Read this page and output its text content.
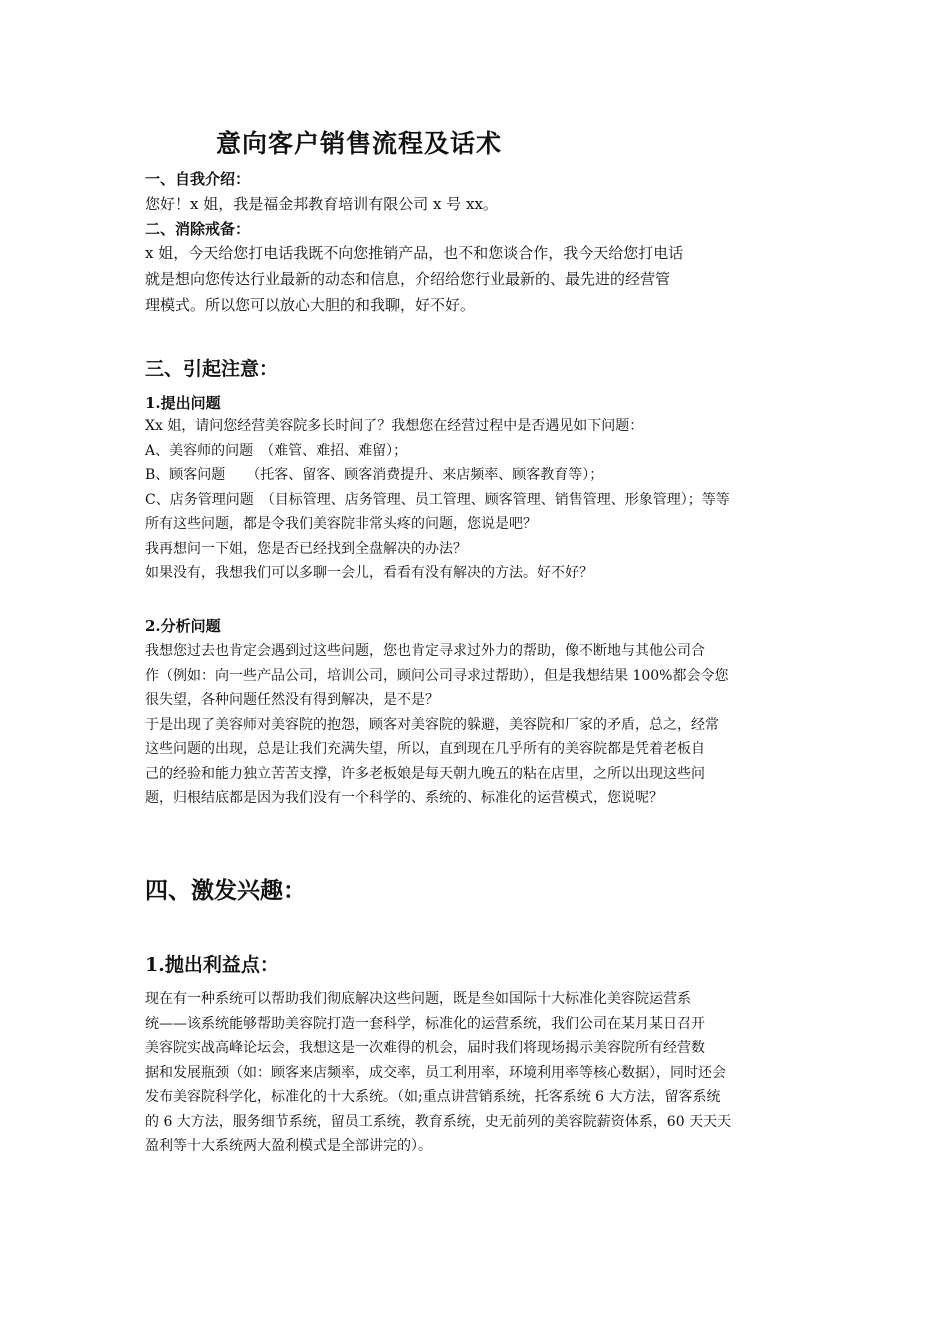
意向客户销售流程及话术
一、自我介绍：
您好！x 姐，我是福金邦教育培训有限公司 x 号 xx。
二、消除戒备：
x 姐，今天给您打电话我既不向您推销产品，也不和您谈合作，我今天给您打电话
就是想向您传达行业最新的动态和信息，介绍给您行业最新的、最先进的经营管
理模式。所以您可以放心大胆的和我聊，好不好。
三、引起注意：
1.提出问题
Xx 姐，请问您经营美容院多长时间了？我想您在经营过程中是否遇见如下问题：
A、美容师的问题　（难管、难招、难留）；
B、顾客问题　　（托客、留客、顾客消费提升、来店频率、顾客教育等）；
C、店务管理问题　（目标管理、店务管理、员工管理、顾客管理、销售管理、形象管理）；等等
所有这些问题，都是令我们美容院非常头疼的问题，您说是吧？
我再想问一下姐，您是否已经找到全盘解决的办法？
如果没有，我想我们可以多聊一会儿，看看有没有解决的方法。好不好？
2.分析问题
我想您过去也肯定会遇到过这些问题，您也肯定寻求过外力的帮助，像不断地与其他公司合
作（例如：向一些产品公司，培训公司，顾问公司寻求过帮助），但是我想结果 100%都会令您
很失望，各种问题任然没有得到解决，是不是？
于是出现了美容师对美容院的抱怨，顾客对美容院的躲避，美容院和厂家的矛盾，总之，经常
这些问题的出现，总是让我们充满失望，所以，直到现在几乎所有的美容院都是凭着老板自
己的经验和能力独立苦苦支撑，许多老板娘是每天朝九晚五的粘在店里，之所以出现这些问
题，归根结底都是因为我们没有一个科学的、系统的、标准化的运营模式，您说呢？
四、激发兴趣：
1.抛出利益点：
现在有一种系统可以帮助我们彻底解决这些问题，既是叁如国际十大标准化美容院运营系
统——该系统能够帮助美容院打造一套科学，标准化的运营系统，我们公司在某月某日召开
美容院实战高峰论坛会，我想这是一次难得的机会，届时我们将现场揭示美容院所有经营数
据和发展瓶颈（如：顾客来店频率，成交率，员工利用率，环境利用率等核心数据），同时还会
发布美容院科学化，标准化的十大系统。（如;重点讲营销系统，托客系统 6 大方法，留客系统
的 6 大方法，服务细节系统，留员工系统，教育系统，史无前列的美容院薪资体系，60 天天天
盈利等十大系统两大盈利模式是全部讲完的）。
